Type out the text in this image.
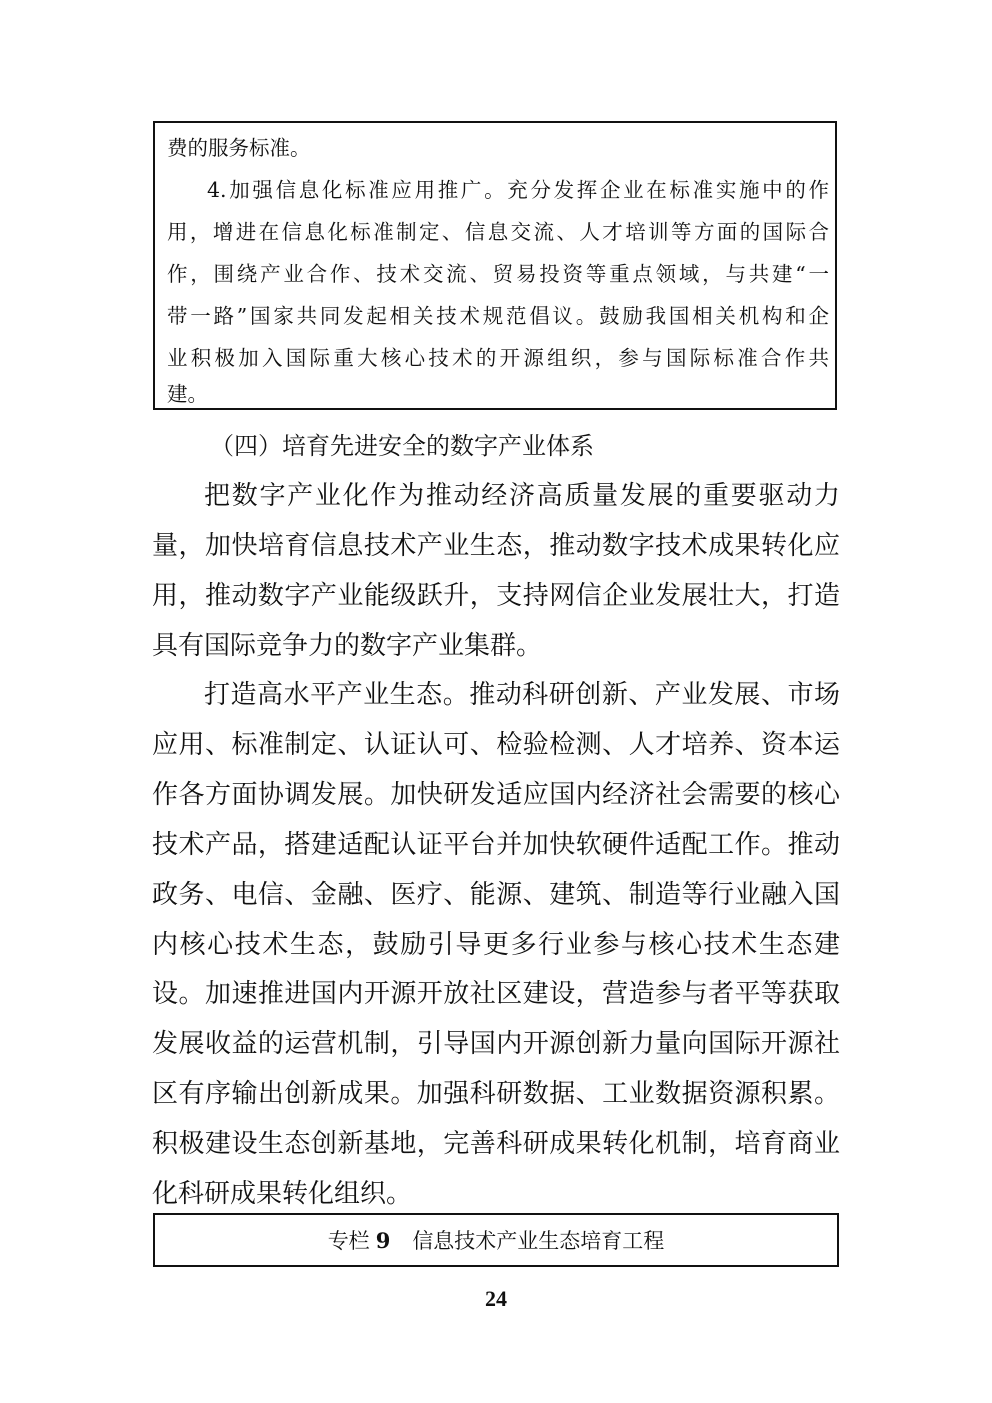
费的服务标准。
4.加强信息化标准应用推广。充分发挥企业在标准实施中的作
用，增进在信息化标准制定、信息交流、人才培训等方面的国际合
作，围绕产业合作、技术交流、贸易投资等重点领域，与共建“一
带一路”国家共同发起相关技术规范倡议。鼓励我国相关机构和企
业积极加入国际重大核心技术的开源组织，参与国际标准合作共
建。
（四）培育先进安全的数字产业体系
把数字产业化作为推动经济高质量发展的重要驱动力
量，加快培育信息技术产业生态，推动数字技术成果转化应
用，推动数字产业能级跃升，支持网信企业发展壮大，打造
具有国际竞争力的数字产业集群。
打造高水平产业生态。推动科研创新、产业发展、市场
应用、标准制定、认证认可、检验检测、人才培养、资本运
作各方面协调发展。加快研发适应国内经济社会需要的核心
技术产品，搭建适配认证平台并加快软硬件适配工作。推动
政务、电信、金融、医疗、能源、建筑、制造等行业融入国
内核心技术生态，鼓励引导更多行业参与核心技术生态建
设。加速推进国内开源开放社区建设，营造参与者平等获取
发展收益的运营机制，引导国内开源创新力量向国际开源社
区有序输出创新成果。加强科研数据、工业数据资源积累。
积极建设生态创新基地，完善科研成果转化机制，培育商业
化科研成果转化组织。
专栏 9 信息技术产业生态培育工程
24
